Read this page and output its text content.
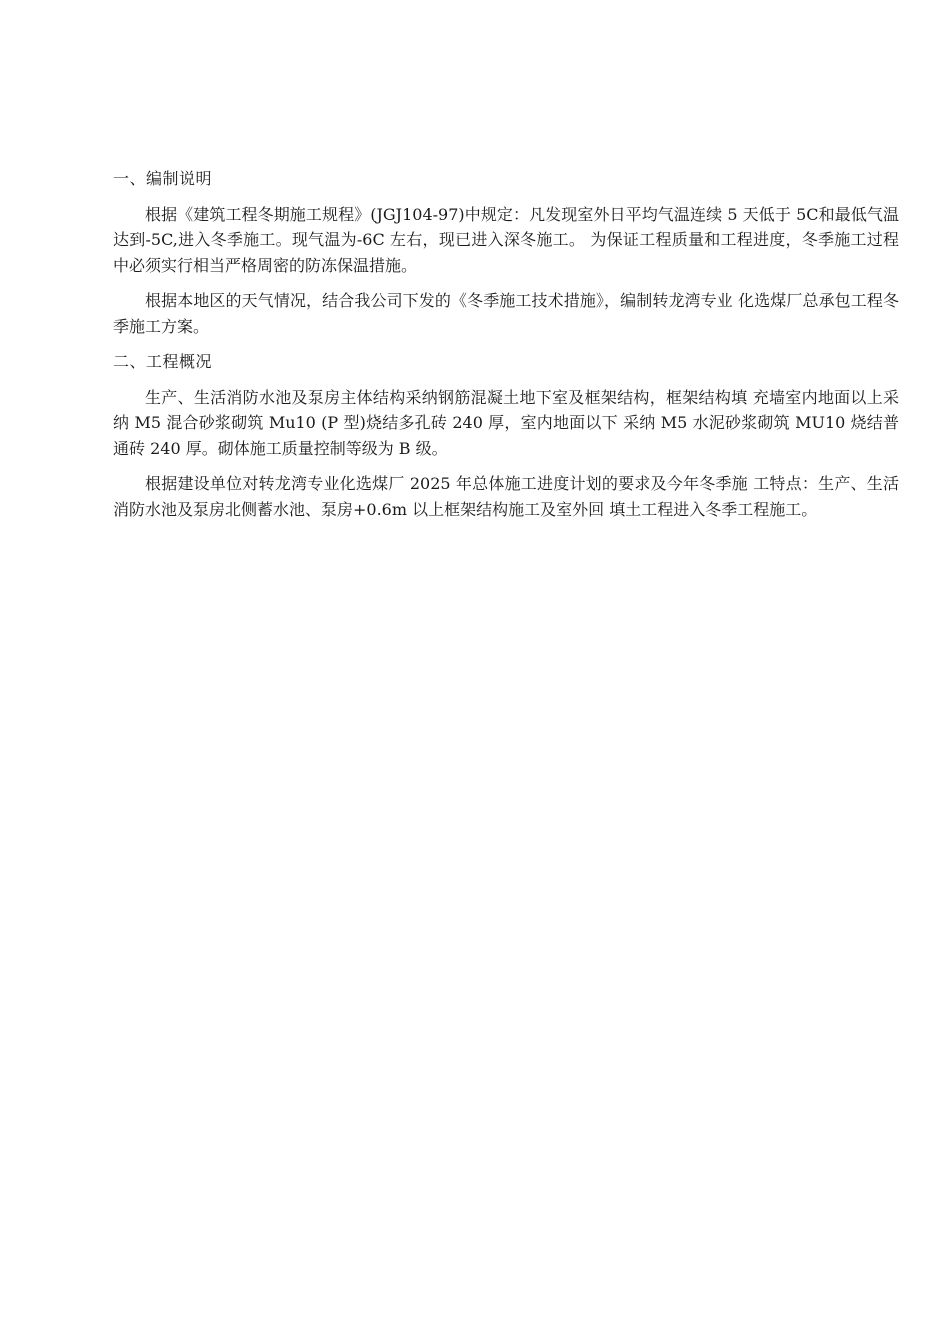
一、编制说明

根据《建筑工程冬期施工规程》(JGJ104-97)中规定：凡发现室外日平均气温连续 5 天低于 5C和最低气温达到-5C,进入冬季施工。现气温为-6C 左右，现已进入深冬施工。 为保证工程质量和工程进度，冬季施工过程中必须实行相当严格周密的防冻保温措施。

根据本地区的天气情况，结合我公司下发的《冬季施工技术措施》，编制转龙湾专业 化选煤厂总承包工程冬季施工方案。

二、工程概况

生产、生活消防水池及泵房主体结构采纳钢筋混凝土地下室及框架结构，框架结构填 充墙室内地面以上采纳 M5 混合砂浆砌筑 Mu10 (P 型)烧结多孔砖 240 厚，室内地面以下 采纳 M5 水泥砂浆砌筑 MU10 烧结普通砖 240 厚。砌体施工质量控制等级为 B 级。

根据建设单位对转龙湾专业化选煤厂 2025 年总体施工进度计划的要求及今年冬季施 工特点：生产、生活消防水池及泵房北侧蓄水池、泵房+0.6m 以上框架结构施工及室外回 填土工程进入冬季工程施工。
